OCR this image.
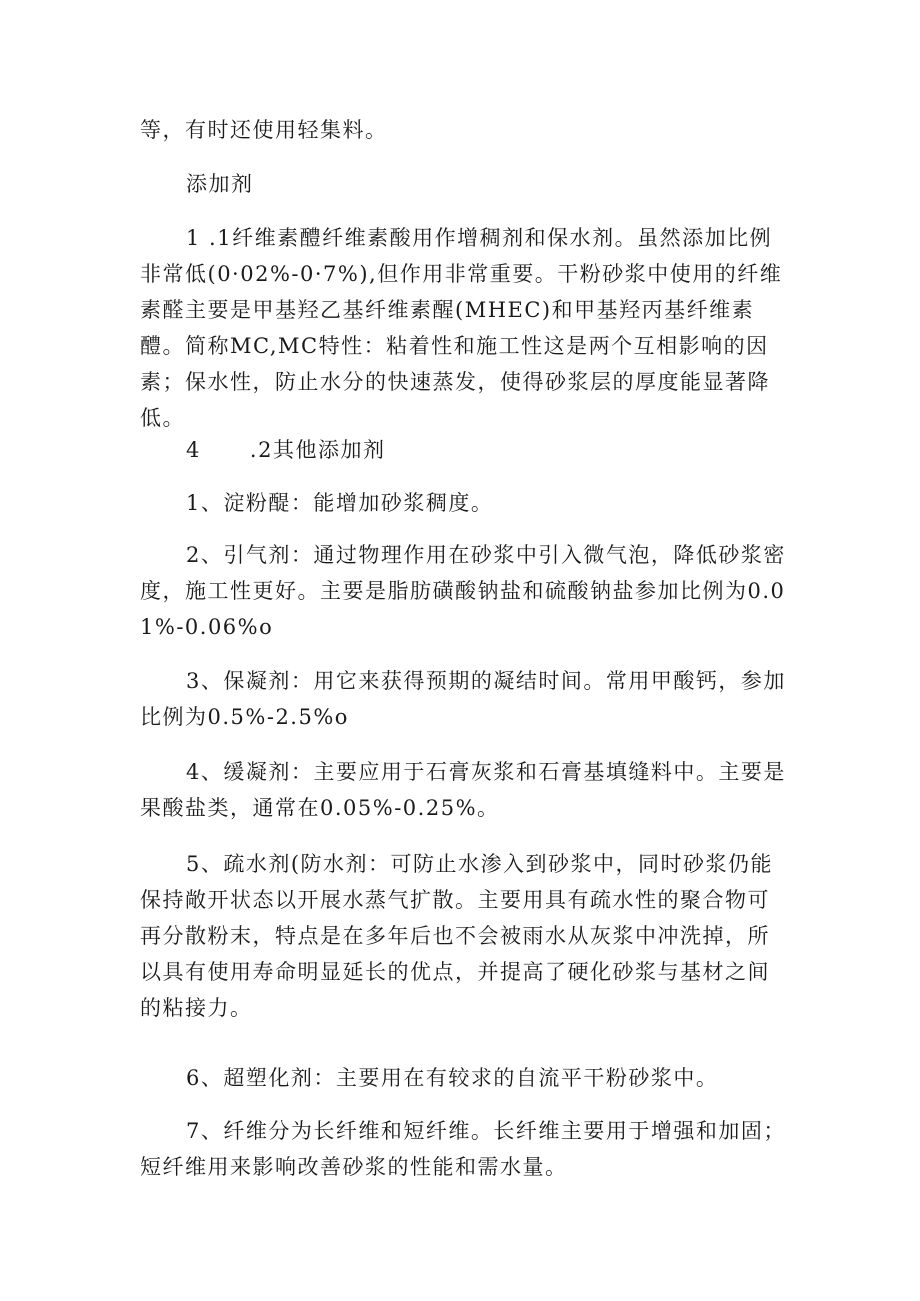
等，有时还使用轻集料。

添加剂

1 .1纤维素醴纤维素酸用作增稠剂和保水剂。虽然添加比例非常低(0·02%-0·7%),但作用非常重要。干粉砂浆中使用的纤维素醛主要是甲基羟乙基纤维素醒(MHEC)和甲基羟丙基纤维素醴。简称MC,MC特性：粘着性和施工性这是两个互相影响的因素；保水性，防止水分的快速蒸发，使得砂浆层的厚度能显著降低。

4      .2其他添加剂

1、淀粉醍：能增加砂浆稠度。

2、引气剂：通过物理作用在砂浆中引入微气泡，降低砂浆密度，施工性更好。主要是脂肪磺酸钠盐和硫酸钠盐参加比例为0.01%-0.06%o

3、保凝剂：用它来获得预期的凝结时间。常用甲酸钙，参加比例为0.5%-2.5%o

4、缓凝剂：主要应用于石膏灰浆和石膏基填缝料中。主要是果酸盐类，通常在0.05%-0.25%。

5、疏水剂(防水剂：可防止水渗入到砂浆中，同时砂浆仍能保持敞开状态以开展水蒸气扩散。主要用具有疏水性的聚合物可再分散粉末，特点是在多年后也不会被雨水从灰浆中冲洗掉，所以具有使用寿命明显延长的优点，并提高了硬化砂浆与基材之间的粘接力。

6、超塑化剂：主要用在有较求的自流平干粉砂浆中。

7、纤维分为长纤维和短纤维。长纤维主要用于增强和加固；短纤维用来影响改善砂浆的性能和需水量。
